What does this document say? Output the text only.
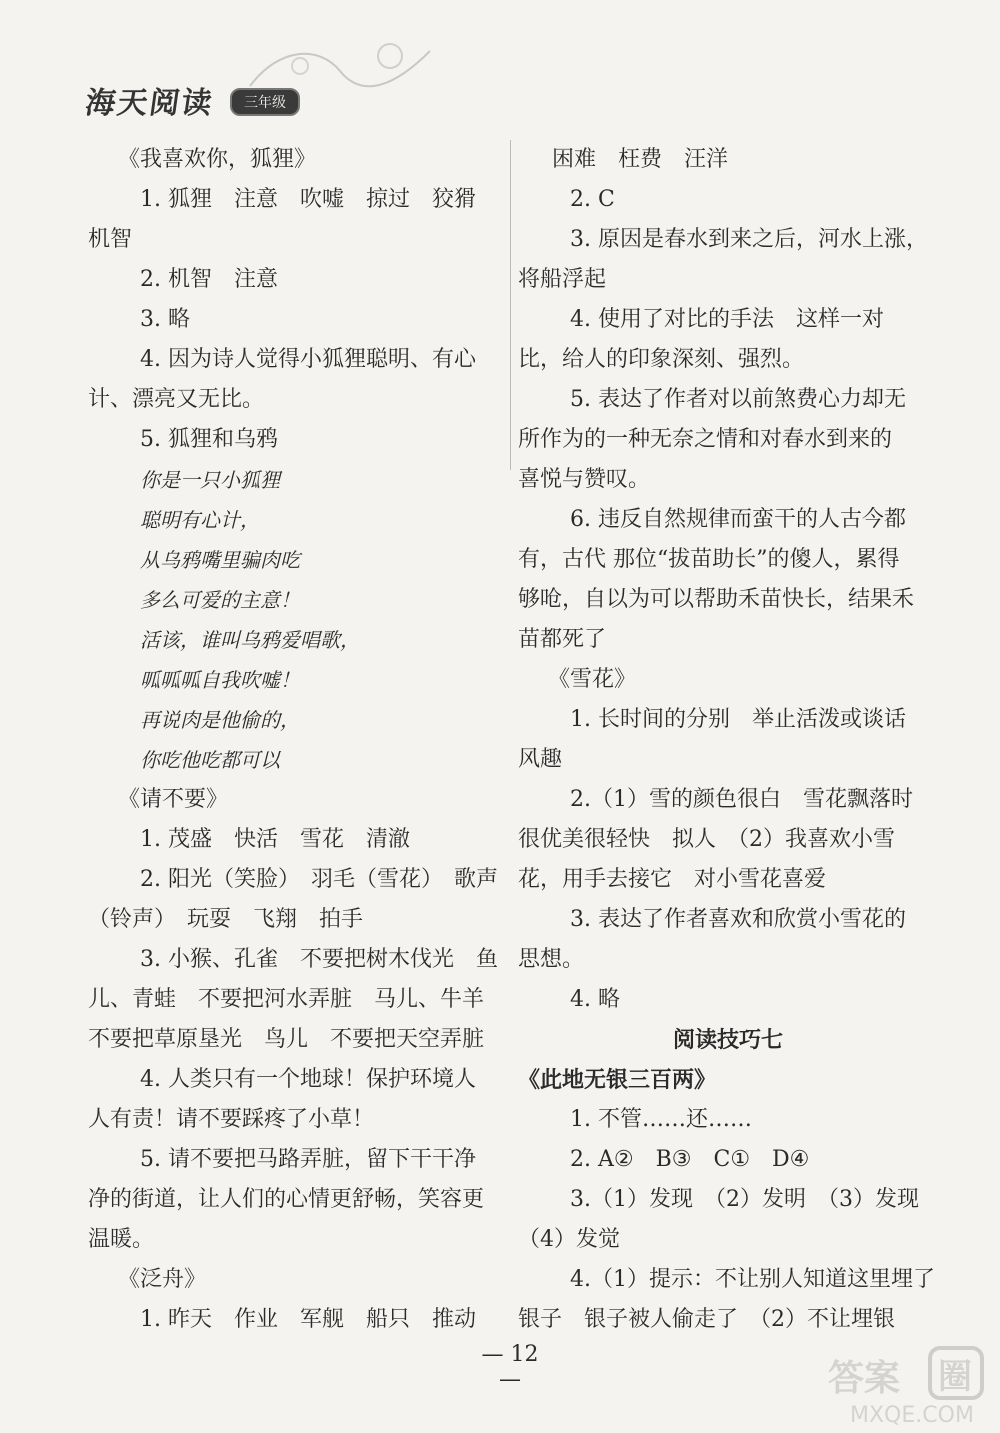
海天阅读	三年级
《我喜欢你，狐狸》
1. 狐狸　注意　吹嘘　掠过　狡猾
机智
2. 机智　注意
3. 略
4. 因为诗人觉得小狐狸聪明、有心
计、漂亮又无比。
5. 狐狸和乌鸦
你是一只小狐狸
聪明有心计，
从乌鸦嘴里骗肉吃
多么可爱的主意！
活该，谁叫乌鸦爱唱歌，
呱呱呱自我吹嘘！
再说肉是他偷的，
你吃他吃都可以
《请不要》
1. 茂盛　快活　雪花　清澈
2. 阳光（笑脸）　羽毛（雪花）　歌声
（铃声）　玩耍　飞翔　拍手
3. 小猴、孔雀　不要把树木伐光　鱼
儿、青蛙　不要把河水弄脏　马儿、牛羊
不要把草原垦光　鸟儿　不要把天空弄脏
4. 人类只有一个地球！保护环境人
人有责！请不要踩疼了小草！
5. 请不要把马路弄脏，留下干干净
净的街道，让人们的心情更舒畅，笑容更
温暖。
《泛舟》
1. 昨天　作业　军舰　船只　推动
困难　枉费　汪洋
2. C
3. 原因是春水到来之后，河水上涨，
将船浮起
4. 使用了对比的手法　这样一对
比，给人的印象深刻、强烈。
5. 表达了作者对以前煞费心力却无
所作为的一种无奈之情和对春水到来的
喜悦与赞叹。
6. 违反自然规律而蛮干的人古今都
有，古代 那位“拔苗助长”的傻人，累得
够呛，自以为可以帮助禾苗快长，结果禾
苗都死了
《雪花》
1. 长时间的分别　举止活泼或谈话
风趣
2.（1）雪的颜色很白　雪花飘落时
很优美很轻快　拟人　（2）我喜欢小雪
花，用手去接它　对小雪花喜爱
3. 表达了作者喜欢和欣赏小雪花的
思想。
4. 略
阅读技巧七
《此地无银三百两》
1. 不管……还……
2. A②　B③　C①　D④
3.（1）发现　（2）发明　（3）发现
（4）发觉
4.（1）提示：不让别人知道这里埋了
银子　银子被人偷走了　（2）不让埋银
— 12 —	答案 圈
MXQE.COM
